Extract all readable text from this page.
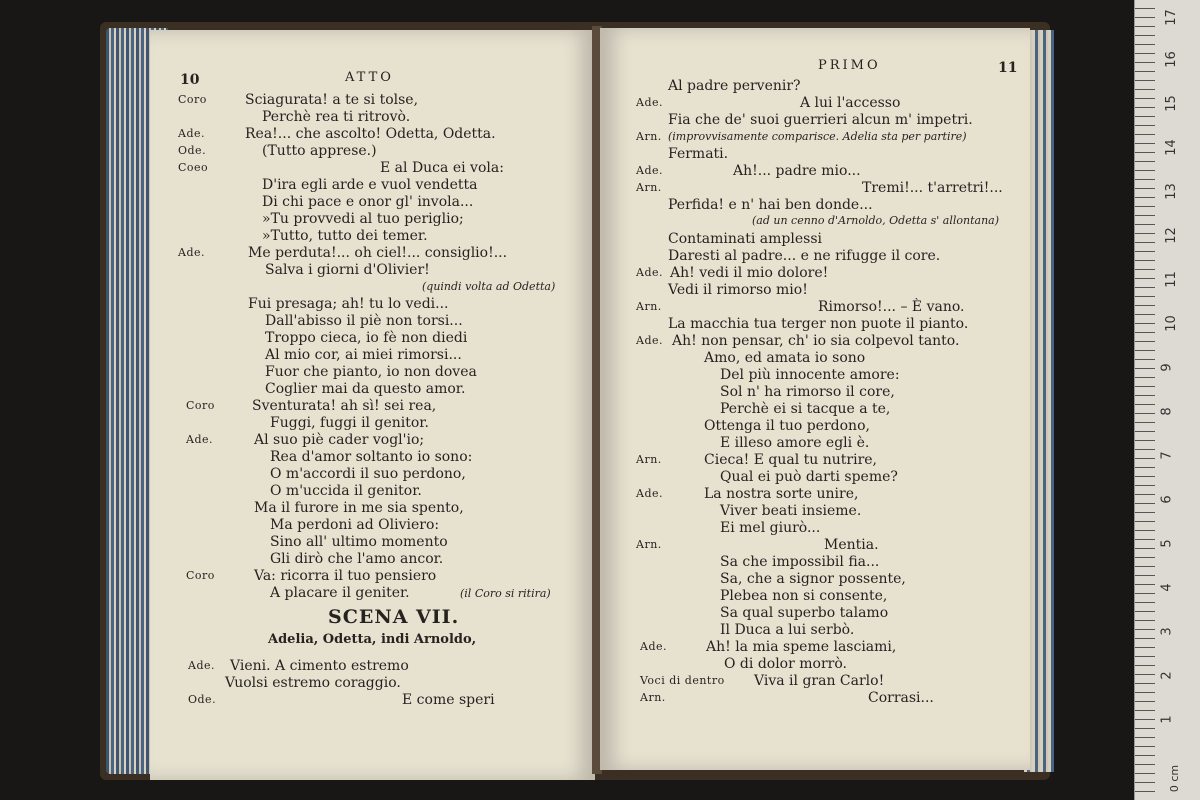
10	ATTO
Coro	Sciagurata! a te si tolse,
Perchè rea ti ritrovò.
Ade.	Rea!... che ascolto! Odetta, Odetta.
Ode.	(Tutto apprese.)
Coeo	E al Duca ei vola:
D'ira egli arde e vuol vendetta
Di chi pace e onor gl' invola...
»Tu provvedi al tuo periglio;
»Tutto, tutto dei temer.
Ade.	Me perduta!... oh ciel!... consiglio!...
Salva i giorni d'Olivier!
(quindi volta ad Odetta)
Fui presaga; ah! tu lo vedi...
Dall'abisso il piè non torsi...
Troppo cieca, io fè non diedi
Al mio cor, ai miei rimorsi...
Fuor che pianto, io non dovea
Coglier mai da questo amor.
Coro	Sventurata! ah sì! sei rea,
Fuggi, fuggi il genitor.
Ade.	Al suo piè cader vogl'io;
Rea d'amor soltanto io sono:
O m'accordi il suo perdono,
O m'uccida il genitor.
Ma il furore in me sia spento,
Ma perdoni ad Oliviero:
Sino all' ultimo momento
Gli dirò che l'amo ancor.
Coro	Va: ricorra il tuo pensiero
A placare il geniter.	(il Coro si ritira)
SCENA VII.
Adelia, Odetta, indi Arnoldo,
Ade. Vieni. A cimento estremo
Vuolsi estremo coraggio.
Ode.	E come speri
PRIMO	11
Al padre pervenir?
Ade.	A lui l'accesso
Fia che de' suoi guerrieri alcun m' impetri.
Arn. (improvvisamente comparisce. Adelia sta per partire)
Fermati.
Ade.	Ah!... padre mio...
Arn.	Tremi!... t'arretri!...
Perfida! e n' hai ben donde...
(ad un cenno d'Arnoldo, Odetta s' allontana)
Contaminati amplessi
Daresti al padre... e ne rifugge il core.
Ade. Ah! vedi il mio dolore!
Vedi il rimorso mio!
Arn.	Rimorso!... – È vano.
La macchia tua terger non puote il pianto.
Ade. Ah! non pensar, ch' io sia colpevol tanto.
Amo, ed amata io sono
Del più innocente amore:
Sol n' ha rimorso il core,
Perchè ei si tacque a te,
Ottenga il tuo perdono,
E illeso amore egli è.
Arn.	Cieca! E qual tu nutrire,
Qual ei può darti speme?
Ade.	La nostra sorte unire,
Viver beati insieme.
Ei mel giurò...
Arn.	Mentia.
Sa che impossibil fia...
Sa, che a signor possente,
Plebea non si consente,
Sa qual superbo talamo
Il Duca a lui serbò.
Ade.	Ah! la mia speme lasciami,
O di dolor morrò.
Voci di dentro Viva il gran Carlo!
Arn.	Corrasi...
1
2
3
4
5
6
7
8
9
10
11
12
13
14
15
16
17
0 cm
